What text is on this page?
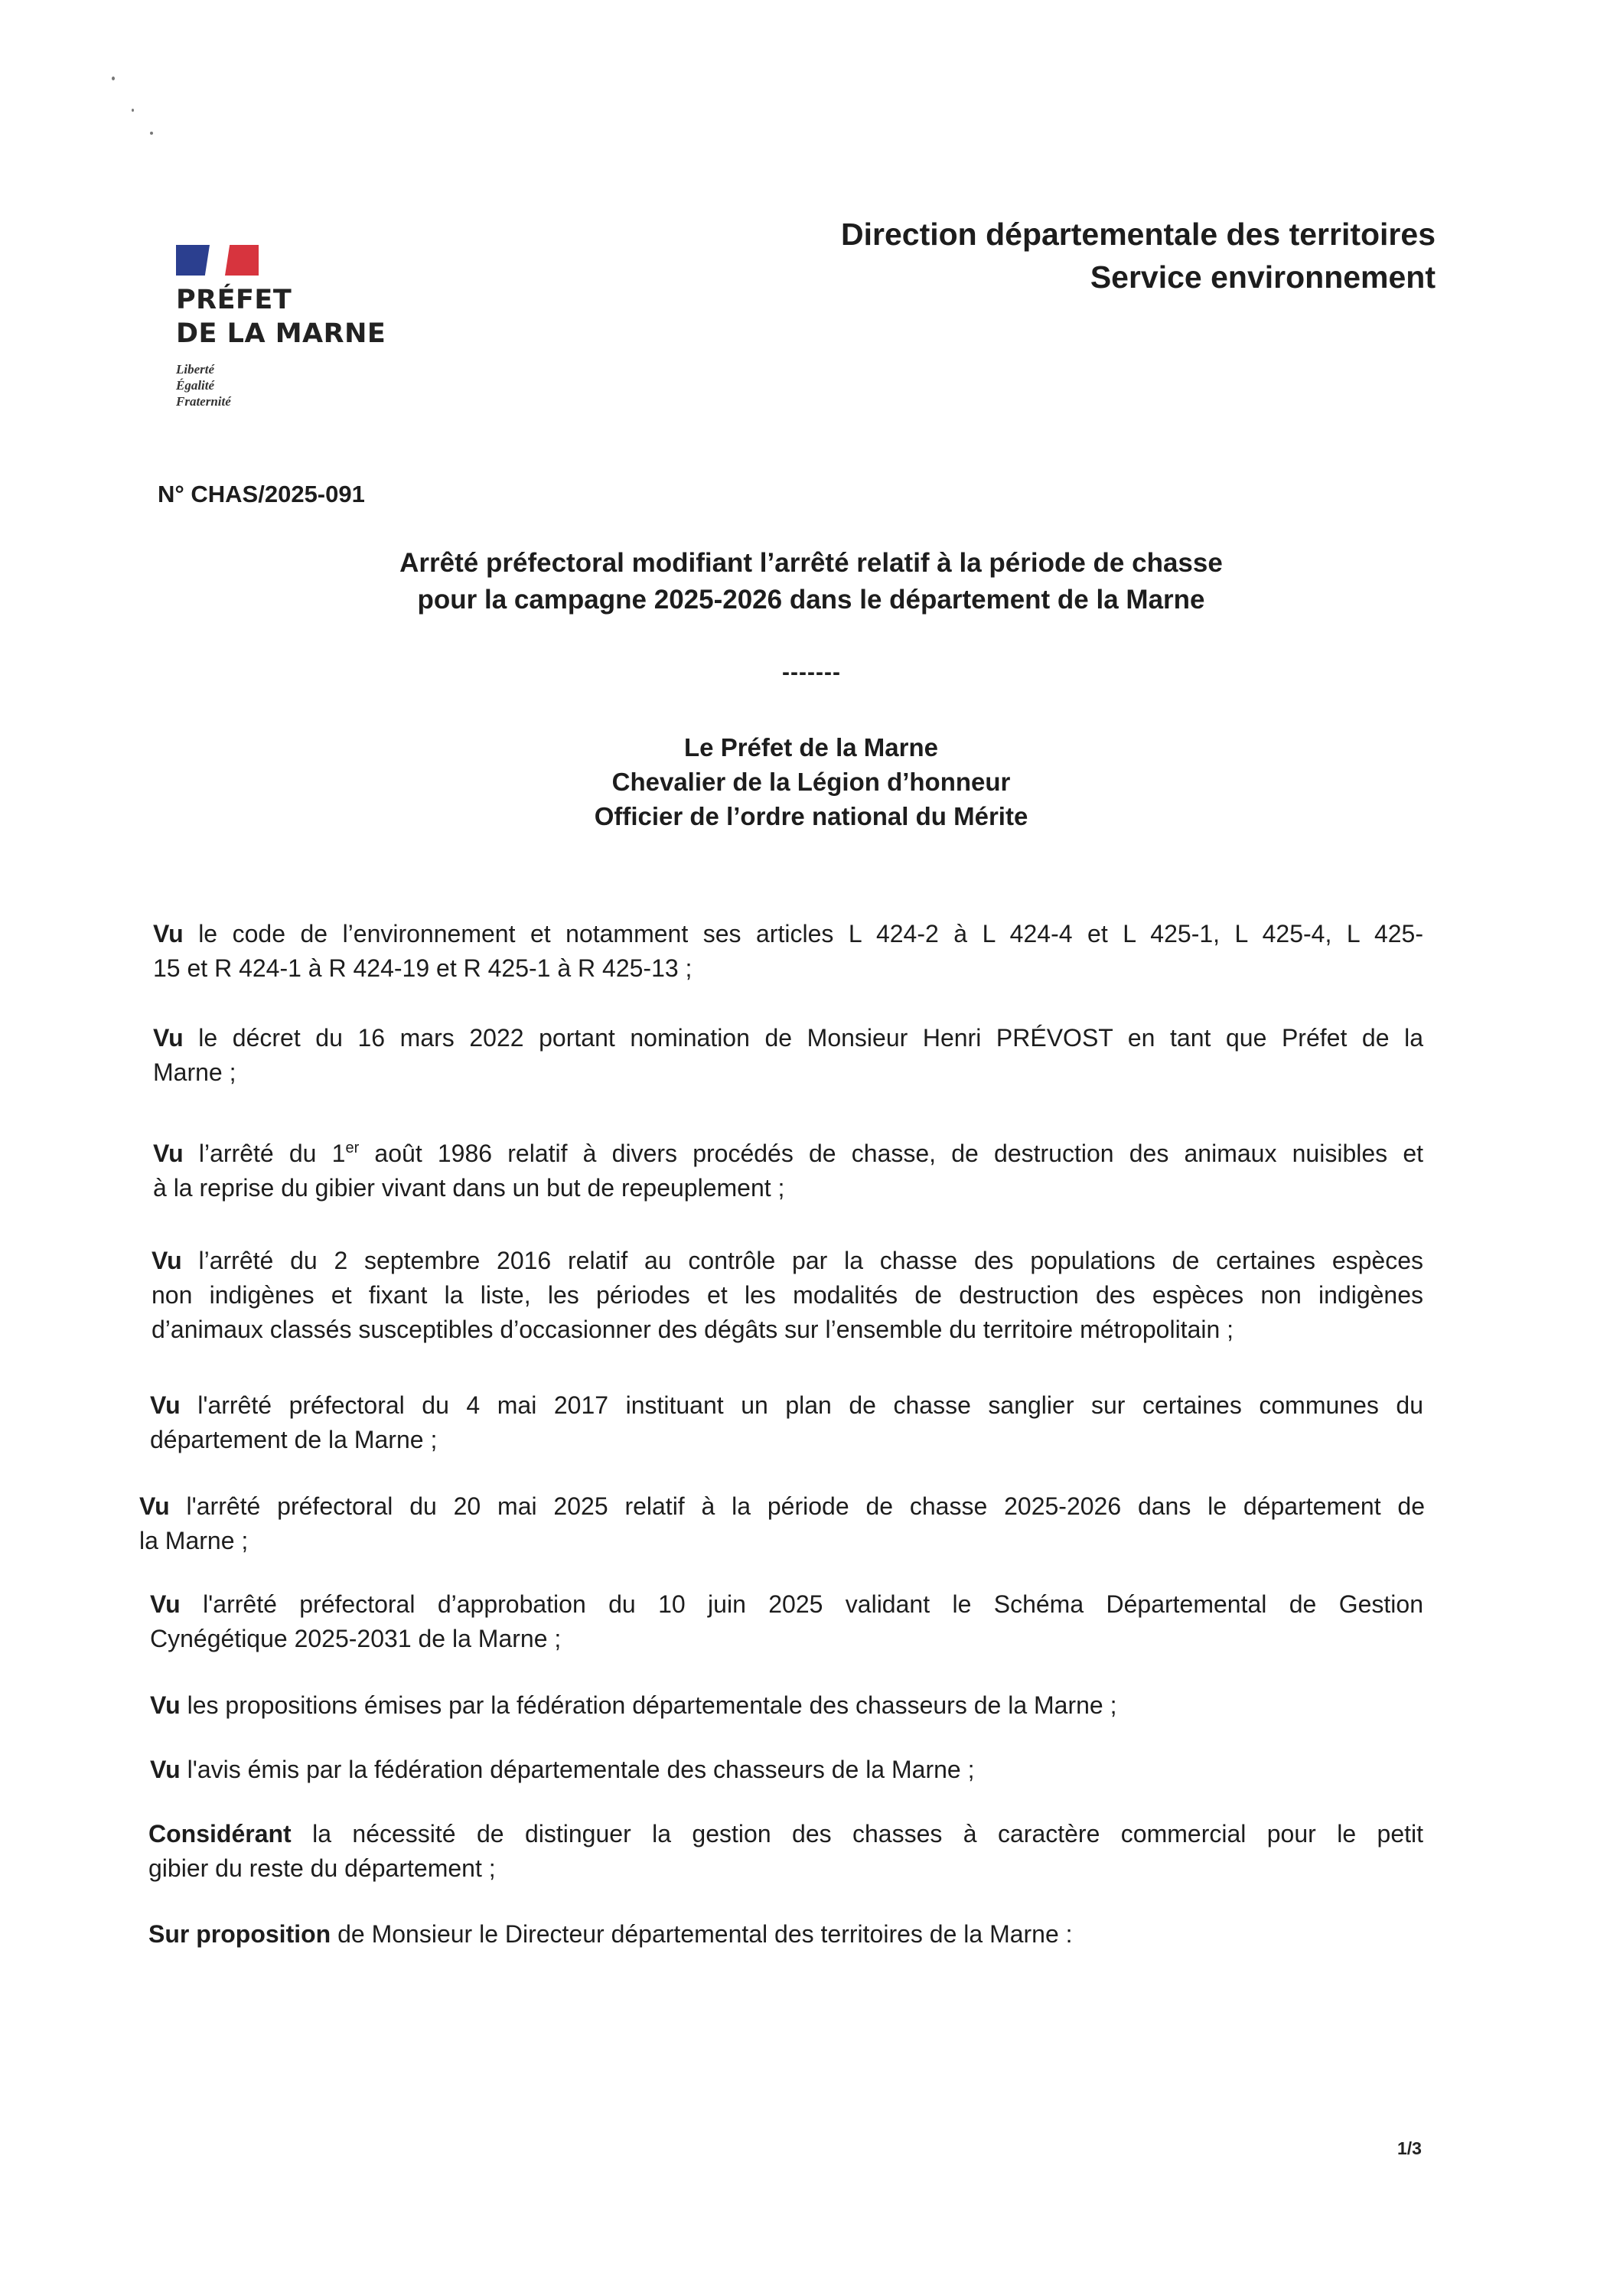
PRÉFET
DE LA MARNE
Liberté
Égalité
Fraternité
Direction départementale des territoires
Service environnement
N° CHAS/2025-091
Arrêté préfectoral modifiant l’arrêté relatif à la période de chasse
pour la campagne 2025-2026 dans le département de la Marne
-------
Le Préfet de la Marne
Chevalier de la Légion d’honneur
Officier de l’ordre national du Mérite
Vu le code de l’environnement et notamment ses articles L 424-2 à L 424-4 et L 425-1, L 425-4, L 425-
15 et R 424-1 à R 424-19 et R 425-1 à R 425-13 ;
Vu le décret du 16 mars 2022 portant nomination de Monsieur Henri PRÉVOST en tant que Préfet de la
Marne ;
Vu l’arrêté du 1er août 1986 relatif à divers procédés de chasse, de destruction des animaux nuisibles et
à la reprise du gibier vivant dans un but de repeuplement ;
Vu l’arrêté du 2 septembre 2016 relatif au contrôle par la chasse des populations de certaines espèces
non indigènes et fixant la liste, les périodes et les modalités de destruction des espèces non indigènes
d’animaux classés susceptibles d’occasionner des dégâts sur l’ensemble du territoire métropolitain ;
Vu l'arrêté préfectoral du 4 mai 2017 instituant un plan de chasse sanglier sur certaines communes du
département de la Marne ;
Vu l'arrêté préfectoral du 20 mai 2025 relatif à la période de chasse 2025-2026 dans le département de
la Marne ;
Vu l'arrêté préfectoral d’approbation du 10 juin 2025 validant le Schéma Départemental de Gestion
Cynégétique 2025-2031 de la Marne ;
Vu les propositions émises par la fédération départementale des chasseurs de la Marne ;
Vu l'avis émis par la fédération départementale des chasseurs de la Marne ;
Considérant la nécessité de distinguer la gestion des chasses à caractère commercial pour le petit
gibier du reste du département ;
Sur proposition de Monsieur le Directeur départemental des territoires de la Marne :
1/3
